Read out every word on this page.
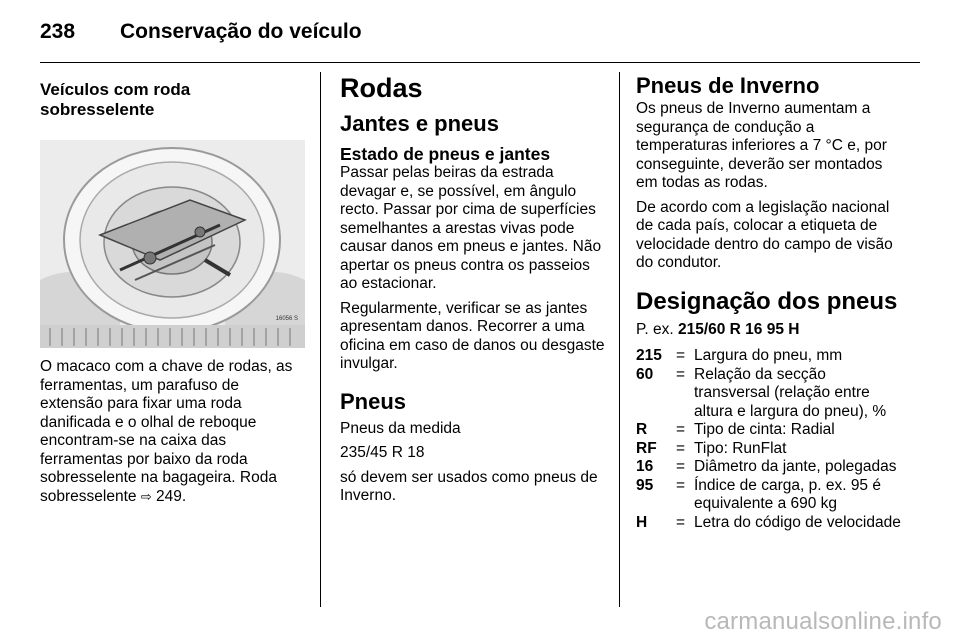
238 Conservação do veículo
Veículos com roda sobresselente
16056 S

O macaco com a chave de rodas, as ferramentas, um parafuso de extensão para fixar uma roda danificada e o olhal de reboque encontram-se na caixa das ferramentas por baixo da roda sobresselente na bagageira. Roda sobresselente ⇨ 249.

Rodas
Jantes e pneus
Estado de pneus e jantes

Passar pelas beiras da estrada devagar e, se possível, em ângulo recto. Passar por cima de superfícies semelhantes a arestas vivas pode causar danos em pneus e jantes. Não apertar os pneus contra os passeios ao estacionar.

Regularmente, verificar se as jantes apresentam danos. Recorrer a uma oficina em caso de danos ou desgaste invulgar.

Pneus

Pneus da medida

235/45 R 18

só devem ser usados como pneus de Inverno.

Pneus de Inverno

Os pneus de Inverno aumentam a segurança de condução a temperaturas inferiores a 7 °C e, por conseguinte, deverão ser montados em todas as rodas.

De acordo com a legislação nacional de cada país, colocar a etiqueta de velocidade dentro do campo de visão do condutor.

Designação dos pneus

P. ex. 215/60 R 16 95 H

215 = Largura do pneu, mm
60	= Relação da secção transversal (relação entre altura e largura do pneu), %
R	= Tipo de cinta: Radial
RF	= Tipo: RunFlat
16	= Diâmetro da jante, polegadas
95	= Índice de carga, p. ex. 95 é equivalente a 690 kg
H	= Letra do código de velocidade
carmanualsonline.info
